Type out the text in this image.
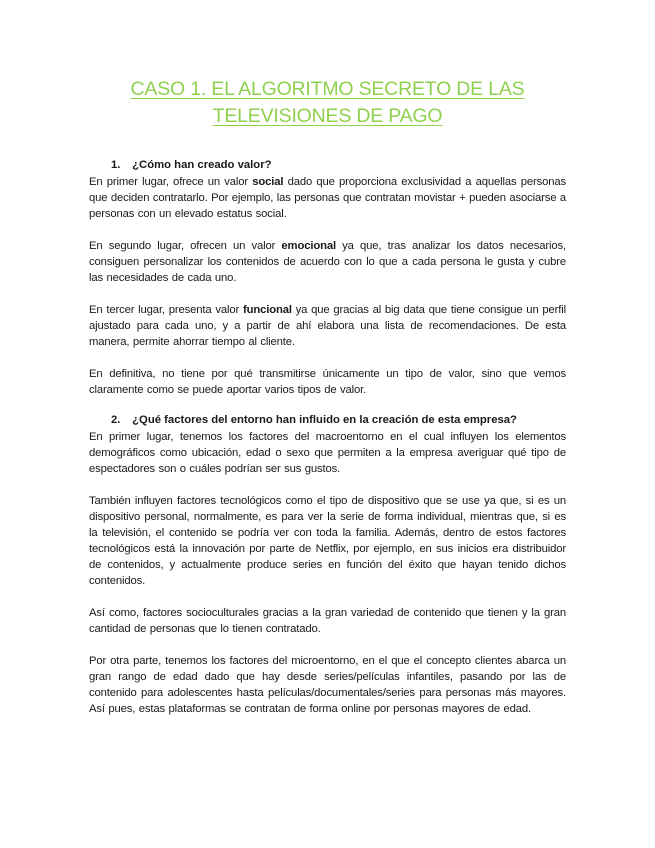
CASO 1. EL ALGORITMO SECRETO DE LAS
TELEVISIONES DE PAGO
1. ¿Cómo han creado valor?

En primer lugar, ofrece un valor social dado que proporciona exclusividad a aquellas personas que deciden contratarlo. Por ejemplo, las personas que contratan movistar + pueden asociarse a personas con un elevado estatus social.

En segundo lugar, ofrecen un valor emocional ya que, tras analizar los datos necesarios, consiguen personalizar los contenidos de acuerdo con lo que a cada persona le gusta y cubre las necesidades de cada uno.

En tercer lugar, presenta valor funcional ya que gracias al big data que tiene consigue un perfil ajustado para cada uno, y a partir de ahí elabora una lista de recomendaciones. De esta manera, permite ahorrar tiempo al cliente.

En definitiva, no tiene por qué transmitirse únicamente un tipo de valor, sino que vemos claramente como se puede aportar varios tipos de valor.

2. ¿Qué factores del entorno han influido en la creación de esta empresa?

En primer lugar, tenemos los factores del macroentorno en el cual influyen los elementos demográficos como ubicación, edad o sexo que permiten a la empresa averiguar qué tipo de espectadores son o cuáles podrían ser sus gustos.

También influyen factores tecnológicos como el tipo de dispositivo que se use ya que, si es un dispositivo personal, normalmente, es para ver la serie de forma individual, mientras que, si es la televisión, el contenido se podría ver con toda la familia. Además, dentro de estos factores tecnológicos está la innovación por parte de Netflix, por ejemplo, en sus inicios era distribuidor de contenidos, y actualmente produce series en función del éxito que hayan tenido dichos contenidos.

Así como, factores socioculturales gracias a la gran variedad de contenido que tienen y la gran cantidad de personas que lo tienen contratado.

Por otra parte, tenemos los factores del microentorno, en el que el concepto clientes abarca un gran rango de edad dado que hay desde series/películas infantiles, pasando por las de contenido para adolescentes hasta películas/documentales/series para personas más mayores. Así pues, estas plataformas se contratan de forma online por personas mayores de edad.
